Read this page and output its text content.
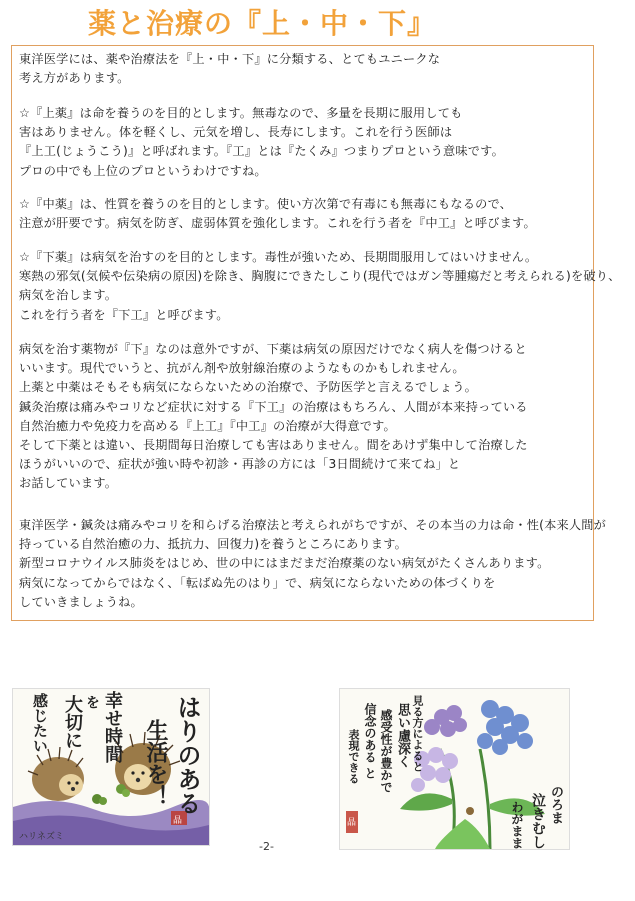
薬と治療の『上・中・下』
東洋医学には、薬や治療法を『上・中・下』に分類する、とてもユニークな
考え方があります。
☆『上薬』は命を養うのを目的とします。無毒なので、多量を長期に服用しても
害はありません。体を軽くし、元気を増し、長寿にします。これを行う医師は
『上工(じょうこう)』と呼ばれます。『工』とは『たくみ』つまりプロという意味です。
プロの中でも上位のプロというわけですね。
☆『中薬』は、性質を養うのを目的とします。使い方次第で有毒にも無毒にもなるので、
注意が肝要です。病気を防ぎ、虚弱体質を強化します。これを行う者を『中工』と呼びます。
☆『下薬』は病気を治すのを目的とします。毒性が強いため、長期間服用してはいけません。
寒熱の邪気(気候や伝染病の原因)を除き、胸腹にできたしこり(現代ではガン等腫瘍だと考えられる)を破り、
病気を治します。
これを行う者を『下工』と呼びます。
病気を治す薬物が『下』なのは意外ですが、下薬は病気の原因だけでなく病人を傷つけると
いいます。現代でいうと、抗がん剤や放射線治療のようなものかもしれません。
上薬と中薬はそもそも病気にならないための治療で、予防医学と言えるでしょう。
鍼灸治療は痛みやコリなど症状に対する『下工』の治療はもちろん、人間が本来持っている
自然治癒力や免疫力を高める『上工』『中工』の治療が大得意です。
そして下薬とは違い、長期間毎日治療しても害はありません。間をあけず集中して治療した
ほうがいいので、症状が強い時や初診・再診の方には「3日間続けて来てね」と
お話しています。
東洋医学・鍼灸は痛みやコリを和らげる治療法と考えられがちですが、その本当の力は命・性(本来人間が
持っている自然治癒の力、抵抗力、回復力)を養うところにあります。
新型コロナウイルス肺炎をはじめ、世の中にはまだまだ治療薬のない病気がたくさんあります。
病気になってからではなく、「転ばぬ先のはり」で、病気にならないための体づくりを
していきましょうね。
はりのある
生活を！
幸せ時間
を
大切に
感じたい
ハリネズミ
晶
見る方によると
思い慮深く
感受性が豊かで
信念のある と
表現できる
のろま
泣きむし
わがまま
晶
-2-
